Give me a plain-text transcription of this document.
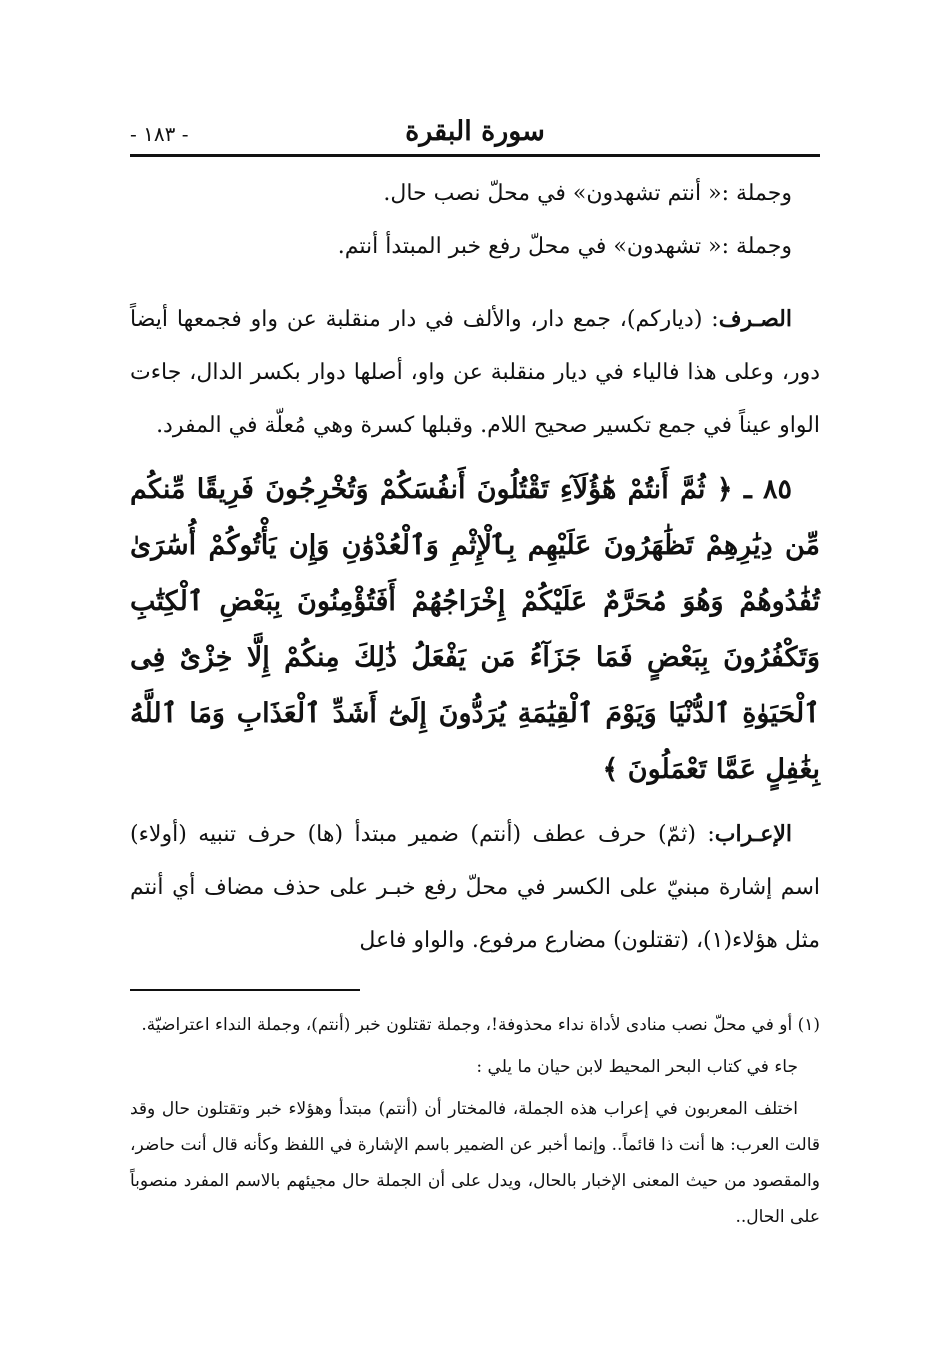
سورة البقرة
- ١٨٣ -

وجملة :« أنتم تشهدون» في محلّ نصب حال.

وجملة :« تشهدون» في محلّ رفع خبر المبتدأ أنتم.

الصـرف: (ديارکم)، جمع دار، والألف في دار منقلبة عن واو فجمعها أيضاً دور، وعلى هذا فالياء في ديار منقلبة عن واو، أصلها دوار بكسر الدال، جاءت الواو عيناً في جمع تكسير صحيح اللام. وقبلها كسرة وهي مُعلّة في المفرد.

٨٥ ـ ﴿ ثُمَّ أَنتُمْ هَٰٓؤُلَآءِ تَقْتُلُونَ أَنفُسَكُمْ وَتُخْرِجُونَ فَرِيقًا مِّنكُم مِّن دِيَٰرِهِمْ تَظَٰهَرُونَ عَلَيْهِم بِٱلْإِثْمِ وَٱلْعُدْوَٰنِ وَإِن يَأْتُوكُمْ أُسَٰرَىٰ تُفَٰدُوهُمْ وَهُوَ مُحَرَّمٌ عَلَيْكُمْ إِخْرَاجُهُمْ أَفَتُؤْمِنُونَ بِبَعْضِ ٱلْكِتَٰبِ وَتَكْفُرُونَ بِبَعْضٍ فَمَا جَزَآءُ مَن يَفْعَلُ ذَٰلِكَ مِنكُمْ إِلَّا خِزْىٌ فِى ٱلْحَيَوٰةِ ٱلدُّنْيَا وَيَوْمَ ٱلْقِيَٰمَةِ يُرَدُّونَ إِلَىٰٓ أَشَدِّ ٱلْعَذَابِ وَمَا ٱللَّهُ بِغَٰفِلٍ عَمَّا تَعْمَلُونَ ﴾

الإعـراب: (ثمّ) حرف عطف (أنتم) ضمير مبتدأ (ها) حرف تنبيه (أولاء) اسم إشارة مبنيّ على الكسر في محلّ رفع خبـر على حذف مضاف أي أنتم مثل هؤلاء(١)، (تقتلون) مضارع مرفوع. والواو فاعل

(١) أو في محلّ نصب منادى لأداة نداء محذوفة!، وجملة تقتلون خبر (أنتم)، وجملة النداء اعتراضيّة.

جاء في كتاب البحر المحيط لابن حيان ما يلي :

اختلف المعربون في إعراب هذه الجملة، فالمختار أن (أنتم) مبتدأ وهؤلاء خبر وتقتلون حال وقد قالت العرب: ها أنت ذا قائماً.. وإنما أخبر عن الضمير باسم الإشارة في اللفظ وكأنه قال أنت حاضر، والمقصود من حيث المعنى الإخبار بالحال، ويدل على أن الجملة حال مجيئهم بالاسم المفرد منصوباً على الحال..
